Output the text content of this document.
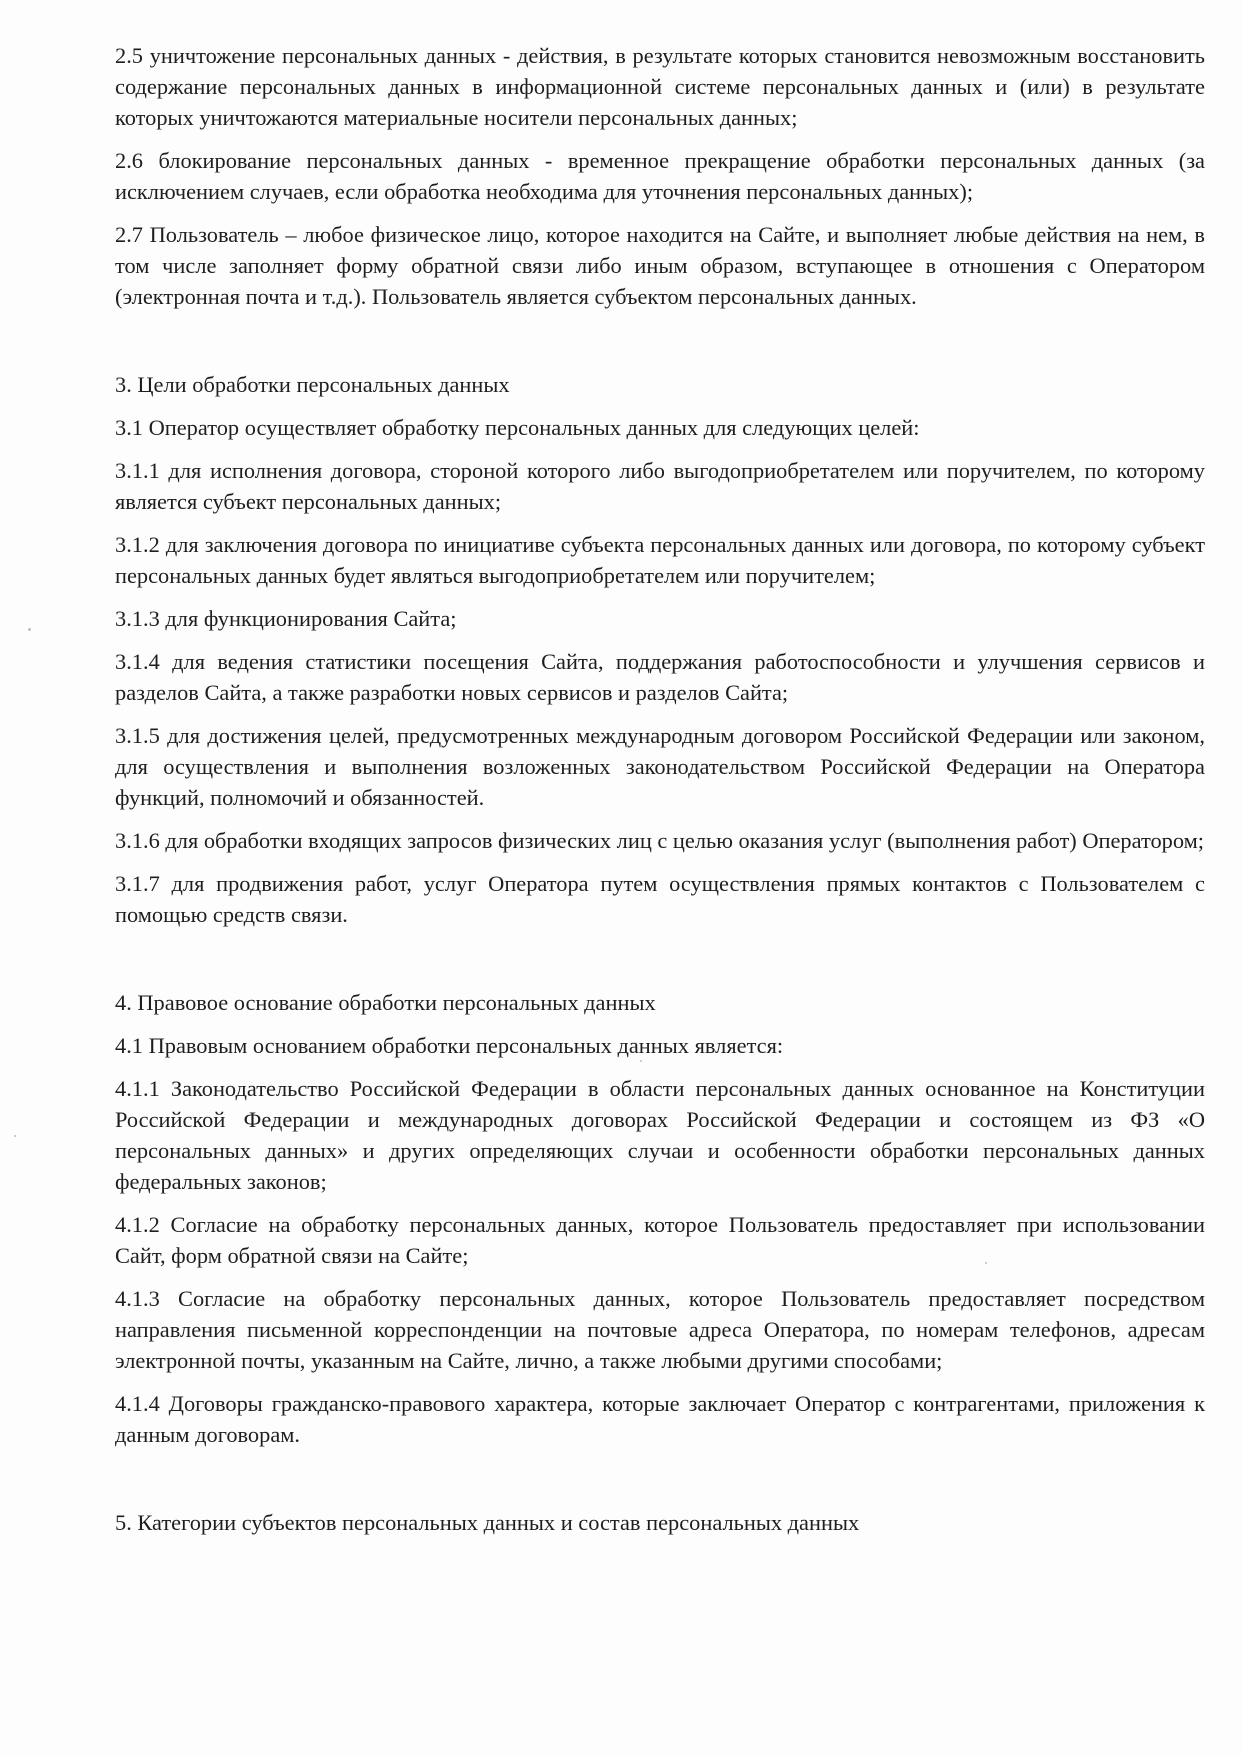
2.5 уничтожение персональных данных - действия, в результате которых становится невозможным восстановить содержание персональных данных в информационной системе персональных данных и (или) в результате которых уничтожаются материальные носители персональных данных;

2.6 блокирование персональных данных - временное прекращение обработки персональных данных (за исключением случаев, если обработка необходима для уточнения персональных данных);

2.7 Пользователь – любое физическое лицо, которое находится на Сайте, и выполняет любые действия на нем, в том числе заполняет форму обратной связи либо иным образом, вступающее в отношения с Оператором (электронная почта и т.д.). Пользователь является субъектом персональных данных.

3. Цели обработки персональных данных

3.1 Оператор осуществляет обработку персональных данных для следующих целей:

3.1.1 для исполнения договора, стороной которого либо выгодоприобретателем или поручителем, по которому является субъект персональных данных;

3.1.2 для заключения договора по инициативе субъекта персональных данных или договора, по которому субъект персональных данных будет являться выгодоприобретателем или поручителем;

3.1.3 для функционирования Сайта;

3.1.4 для ведения статистики посещения Сайта, поддержания работоспособности и улучшения сервисов и разделов Сайта, а также разработки новых сервисов и разделов Сайта;

3.1.5 для достижения целей, предусмотренных международным договором Российской Федерации или законом, для осуществления и выполнения возложенных законодательством Российской Федерации на Оператора функций, полномочий и обязанностей.

3.1.6 для обработки входящих запросов физических лиц с целью оказания услуг (выполнения работ) Оператором;

3.1.7 для продвижения работ, услуг Оператора путем осуществления прямых контактов с Пользователем с помощью средств связи.

4. Правовое основание обработки персональных данных

4.1 Правовым основанием обработки персональных данных является:

4.1.1 Законодательство Российской Федерации в области персональных данных основанное на Конституции Российской Федерации и международных договорах Российской Федерации и состоящем из ФЗ «О персональных данных» и других определяющих случаи и особенности обработки персональных данных федеральных законов;

4.1.2 Согласие на обработку персональных данных, которое Пользователь предоставляет при использовании Сайт, форм обратной связи на Сайте;

4.1.3 Согласие на обработку персональных данных, которое Пользователь предоставляет посредством направления письменной корреспонденции на почтовые адреса Оператора, по номерам телефонов, адресам электронной почты, указанным на Сайте, лично, а также любыми другими способами;

4.1.4 Договоры гражданско-правового характера, которые заключает Оператор с контрагентами, приложения к данным договорам.

5. Категории субъектов персональных данных и состав персональных данных
